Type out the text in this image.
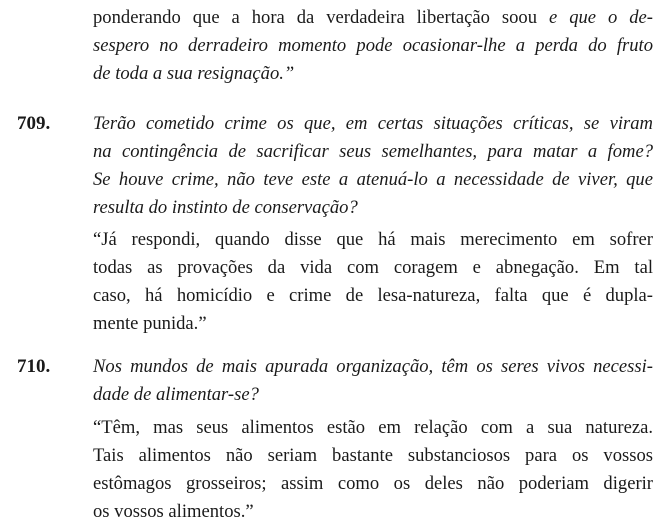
ponderando que a hora da verdadeira libertação soou e que o de-
sespero no derradeiro momento pode ocasionar-lhe a perda do fruto
de toda a sua resignação.”

709. Terão cometido crime os que, em certas situações críticas, se viram
na contingência de sacrificar seus semelhantes, para matar a fome?
Se houve crime, não teve este a atenuá-lo a necessidade de viver, que
resulta do instinto de conservação?

“Já respondi, quando disse que há mais merecimento em sofrer
todas as provações da vida com coragem e abnegação. Em tal
caso, há homicídio e crime de lesa-natureza, falta que é dupla-
mente punida.”

710. Nos mundos de mais apurada organização, têm os seres vivos necessi-
dade de alimentar-se?

“Têm, mas seus alimentos estão em relação com a sua natureza.
Tais alimentos não seriam bastante substanciosos para os vossos
estômagos grosseiros; assim como os deles não poderiam digerir
os vossos alimentos.”
